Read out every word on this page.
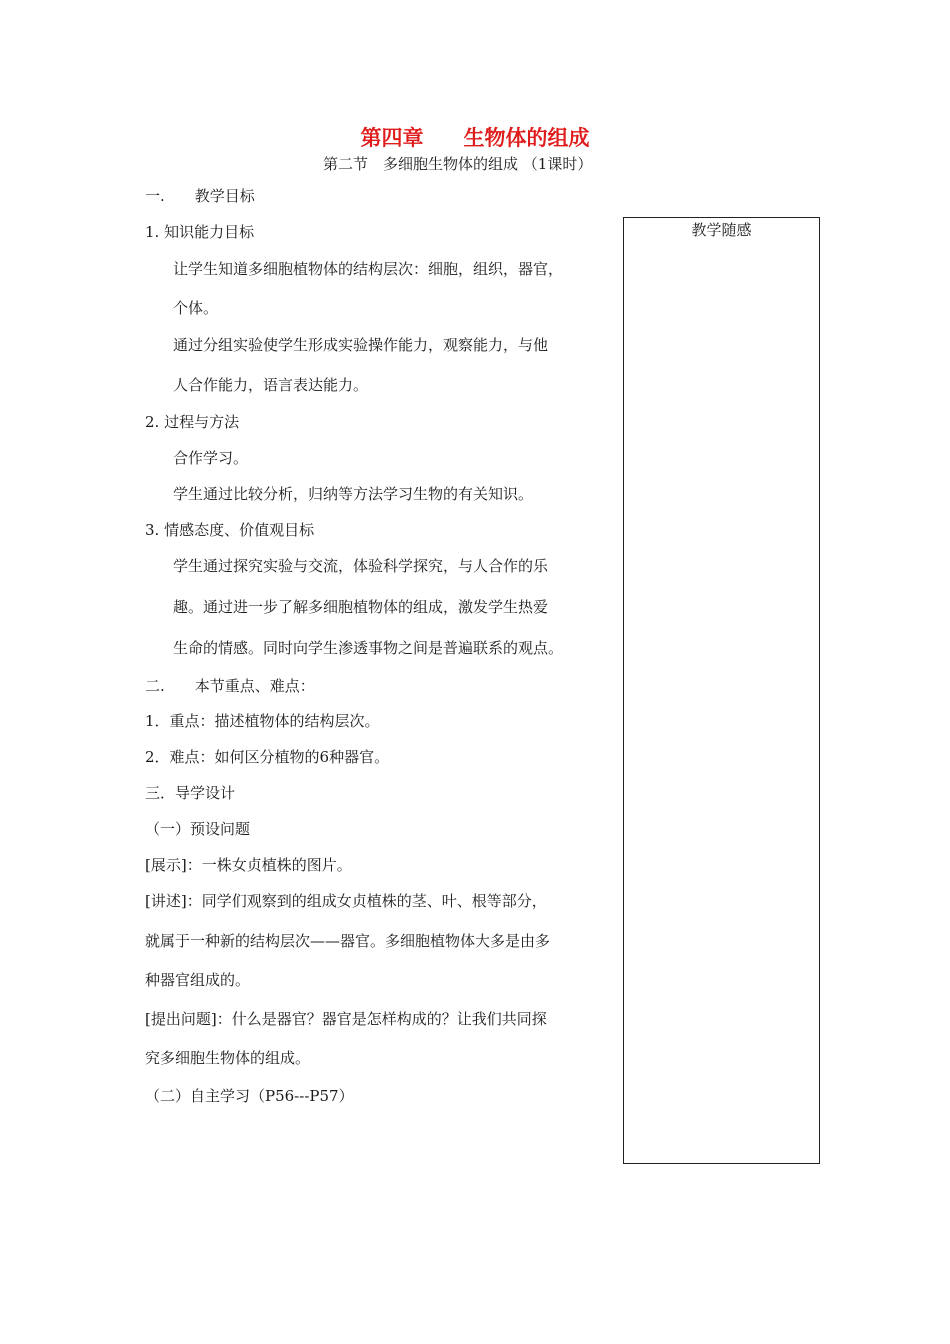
第四章 生物体的组成
第二节　多细胞生物体的组成 （1课时）
教学随感
一.　　教学目标
1. 知识能力目标
让学生知道多细胞植物体的结构层次：细胞，组织，器官，
个体。
通过分组实验使学生形成实验操作能力，观察能力，与他
人合作能力，语言表达能力。
2. 过程与方法
合作学习。
学生通过比较分析，归纳等方法学习生物的有关知识。
3. 情感态度、价值观目标
学生通过探究实验与交流，体验科学探究，与人合作的乐
趣。通过进一步了解多细胞植物体的组成，激发学生热爱
生命的情感。同时向学生渗透事物之间是普遍联系的观点。
二.　　本节重点、难点：
1．重点：描述植物体的结构层次。
2．难点：如何区分植物的6种器官。
三．导学设计
（一）预设问题
[展示]：一株女贞植株的图片。
[讲述]：同学们观察到的组成女贞植株的茎、叶、根等部分，
就属于一种新的结构层次——器官。多细胞植物体大多是由多
种器官组成的。
[提出问题]：什么是器官？器官是怎样构成的？让我们共同探
究多细胞生物体的组成。
（二）自主学习（P56---P57）
